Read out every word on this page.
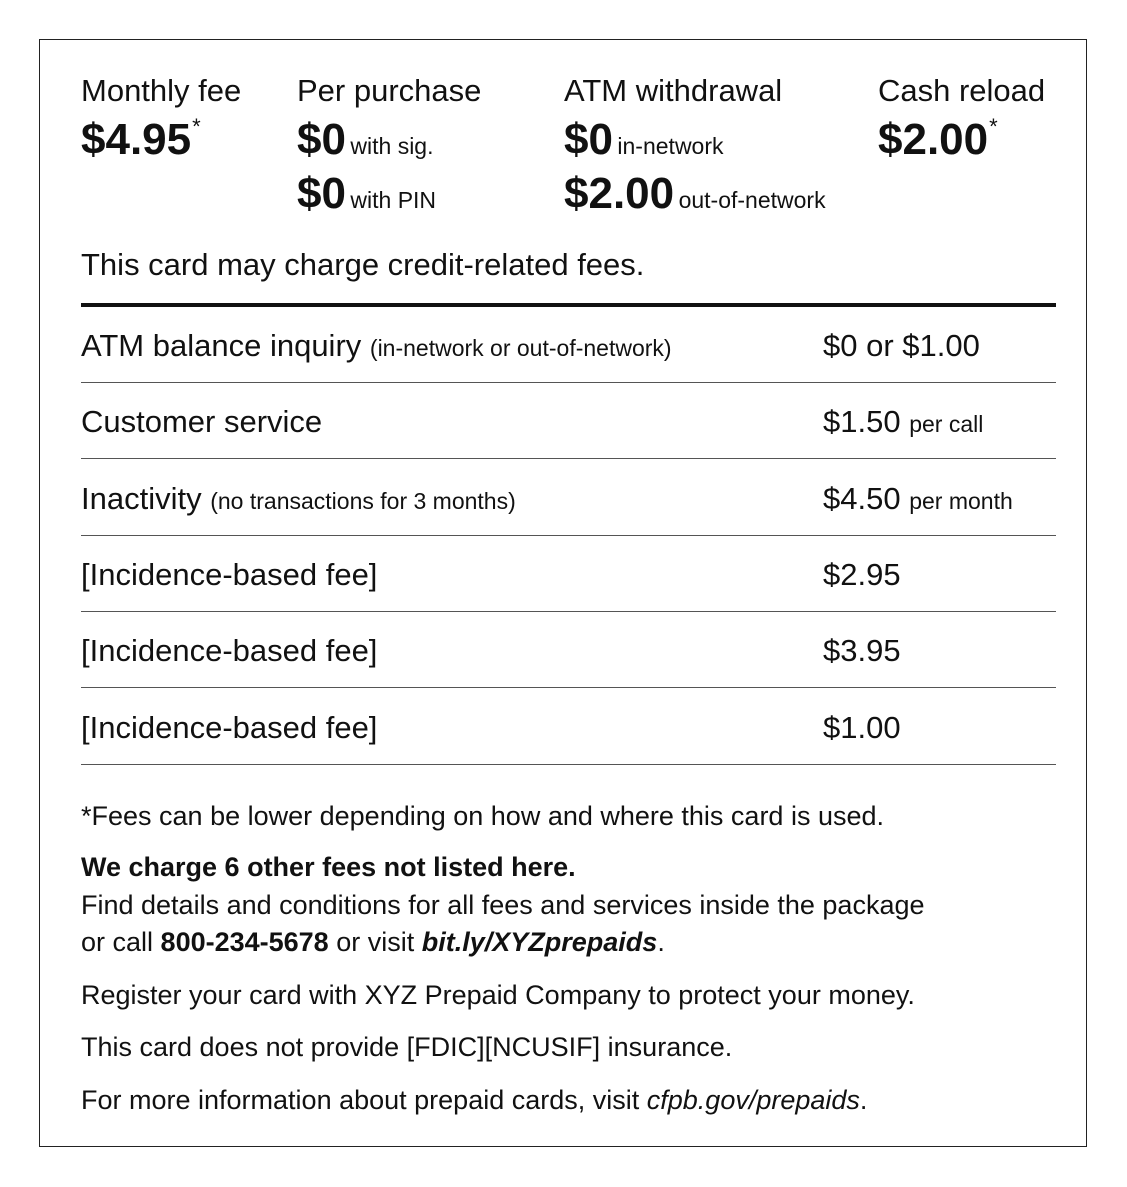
Monthly fee
$4.95*
Per purchase
$0 with sig.
$0 with PIN
ATM withdrawal
$0 in-network
$2.00 out-of-network
Cash reload
$2.00*
This card may charge credit-related fees.
ATM balance inquiry (in-network or out-of-network)	$0 or $1.00
Customer service	$1.50 per call
Inactivity (no transactions for 3 months)	$4.50 per month
[Incidence-based fee]	$2.95
[Incidence-based fee]	$3.95
[Incidence-based fee]	$1.00
*Fees can be lower depending on how and where this card is used.
We charge 6 other fees not listed here.
Find details and conditions for all fees and services inside the package
or call 800-234-5678 or visit bit.ly/XYZprepaids.
Register your card with XYZ Prepaid Company to protect your money.
This card does not provide [FDIC][NCUSIF] insurance.
For more information about prepaid cards, visit cfpb.gov/prepaids.
